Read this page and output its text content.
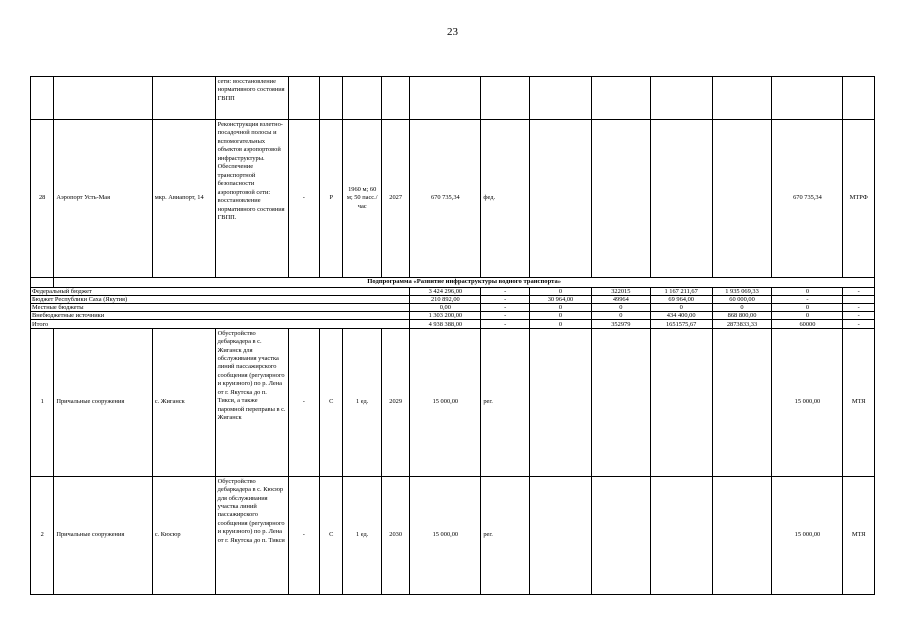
23
			сети: восстановление нормативного состояния ГВПП												
28	Аэропорт Усть-Мая	мкр. Авиапорт, 14	Реконструкция взлетно-посадочной полосы и вспомогательных объектов аэропортовой инфраструктуры. Обеспечение транспортной безопасности аэропортовой сети: восстановление нормативного состояния ГВПП.	-	Р	1960 м; 60 м; 50 пасс./час	2027	670 735,34	фед.					670 735,34	МТРФ
	Подпрограмма «Развитие инфраструктуры водного транспорта»														
Федеральный бюджет								3 424 296,00	-	0	322015	1 167 211,67	1 935 069,33	0	-
Бюджет Республики Саха (Якутия)								210 892,00	-	30 964,00	49964	69 964,00	60 000,00	-	
Местные бюджеты								0,00	-	0	0	0	0	0	-
Внебюджетные источники								1 303 200,00	-	0	0	434 400,00	868 800,00	0	-
Итого								4 938 388,00	-	0	352979	1651575,67	2873833,33	60000	-
1	Причальные сооружения	с. Жиганск	Обустройство дебаркадера в с. Жиганск для обслуживания участка линий пассажирского сообщения (регулярного и круизного) по р. Лена от г. Якутска до п. Тикси, а также паромной переправы в с. Жиганск	-	С	1 ед.	2029	15 000,00	рег.					15 000,00	МТЯ
2	Причальные сооружения	с. Кюсюр	Обустройство дебаркадера в с. Кюсюр для обслуживания участка линий пассажирского сообщения (регулярного и круизного) по р. Лена от г. Якутска до п. Тикси	-	С	1 ед.	2030	15 000,00	рег.					15 000,00	МТЯ
